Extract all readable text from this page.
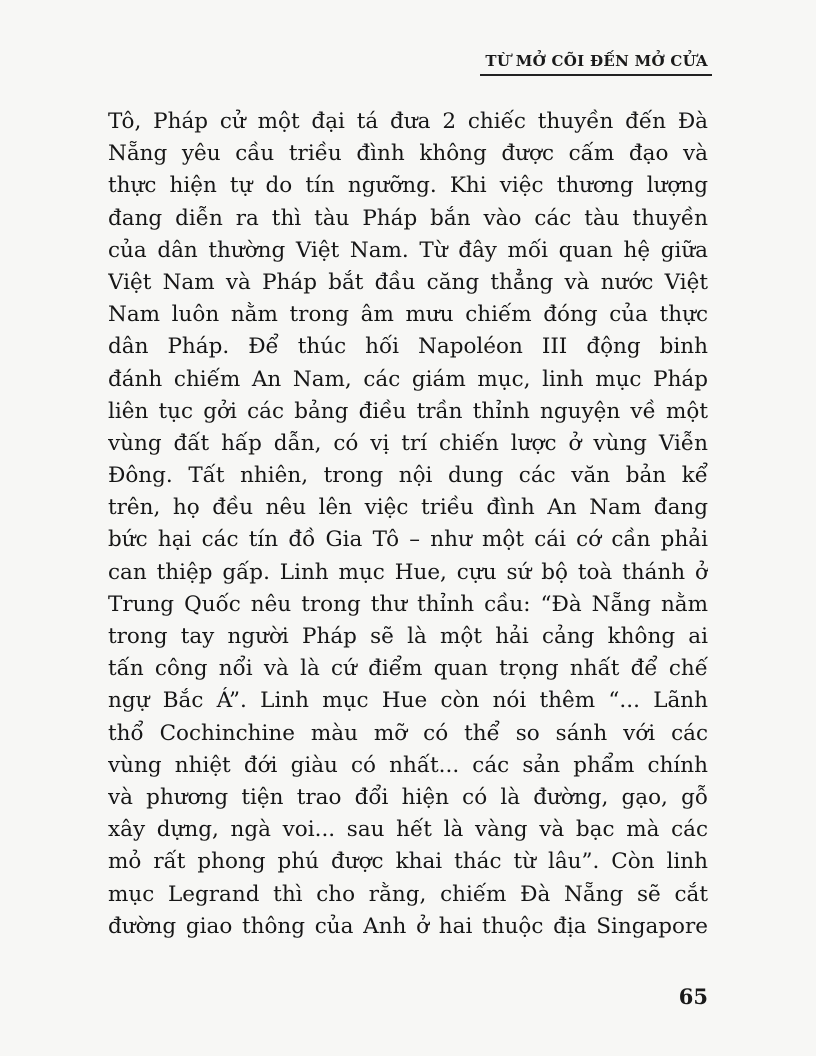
TỪ MỞ CÕI ĐẾN MỞ CỬA
Tô, Pháp cử một đại tá đưa 2 chiếc thuyền đến Đà
Nẵng yêu cầu triều đình không được cấm đạo và
thực hiện tự do tín ngưỡng. Khi việc thương lượng
đang diễn ra thì tàu Pháp bắn vào các tàu thuyền
của dân thường Việt Nam. Từ đây mối quan hệ giữa
Việt Nam và Pháp bắt đầu căng thẳng và nước Việt
Nam luôn nằm trong âm mưu chiếm đóng của thực
dân Pháp. Để thúc hối Napoléon III động binh
đánh chiếm An Nam, các giám mục, linh mục Pháp
liên tục gởi các bảng điều trần thỉnh nguyện về một
vùng đất hấp dẫn, có vị trí chiến lược ở vùng Viễn
Đông. Tất nhiên, trong nội dung các văn bản kể
trên, họ đều nêu lên việc triều đình An Nam đang
bức hại các tín đồ Gia Tô – như một cái cớ cần phải
can thiệp gấp. Linh mục Hue, cựu sứ bộ toà thánh ở
Trung Quốc nêu trong thư thỉnh cầu: “Đà Nẵng nằm
trong tay người Pháp sẽ là một hải cảng không ai
tấn công nổi và là cứ điểm quan trọng nhất để chế
ngự Bắc Á”. Linh mục Hue còn nói thêm “... Lãnh
thổ Cochinchine màu mỡ có thể so sánh với các
vùng nhiệt đới giàu có nhất... các sản phẩm chính
và phương tiện trao đổi hiện có là đường, gạo, gỗ
xây dựng, ngà voi... sau hết là vàng và bạc mà các
mỏ rất phong phú được khai thác từ lâu”. Còn linh
mục Legrand thì cho rằng, chiếm Đà Nẵng sẽ cắt
đường giao thông của Anh ở hai thuộc địa Singapore
65
